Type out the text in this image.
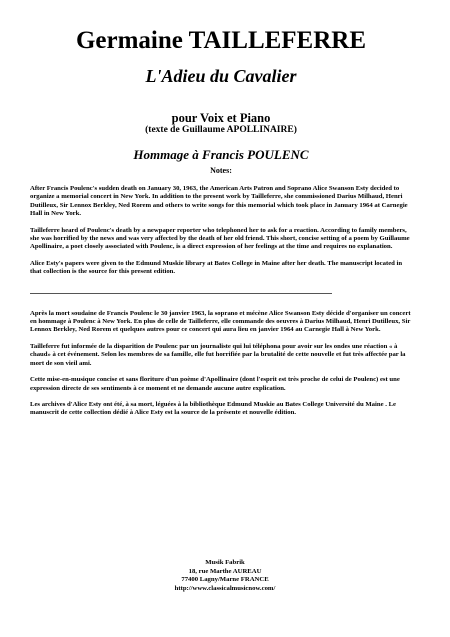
Germaine TAILLEFERRE
L'Adieu du Cavalier

pour Voix et Piano

(texte de Guillaume APOLLINAIRE)

Hommage à Francis POULENC

Notes:

After Francis Poulenc's sudden death on January 30, 1963, the American Arts Patron and Soprano Alice Swanson Esty decided to organize a memorial concert in New York. In addition to the present work by Tailleferre, she commissioned Darius Milhaud, Henri Dutilleux, Sir Lennox Berkley, Ned Rorem and others to write songs for this memorial which took place in January 1964 at Carnegie Hall in New York.

Tailleferre heard of Poulenc's death by a newpaper reporter who telephoned her to ask for a reaction. According to family members, she was horrified by the news and was very affected by the death of her old friend. This short, concise setting of a poem by Guillaume Apollinaire, a poet closely associated with Poulenc, is a direct expression of her feelings at the time and requires no explanation.

Alice Esty's papers were given to the Edmund Muskie library at Bates College in Maine after her death. The manuscript located in that collection is the source for this present edition.

Après la mort soudaine de Francis Poulenc le 30 janvier 1963, la soprano et mécène Alice Swanson Esty décide d'organiser un concert en hommage à Poulenc à New York. En plus de celle de Tailleferre, elle commande des oeuvres à Darius Milhaud, Henri Dutilleux, Sir Lennox Berkley, Ned Rorem et quelques autres pour ce concert qui aura lieu en janvier 1964 au Carnegie Hall à New York.

Tailleferre fut informée de la disparition de Poulenc par un journaliste qui lui téléphona pour avoir sur les ondes une réaction « à chaud» à cet événement. Selon les membres de sa famille, elle fut horrifiée par la brutalité de cette nouvelle et fut très affectée par la mort de son vieil ami.

Cette mise-en-musique concise et sans floriture d'un poème d'Apollinaire (dont l'esprit est très proche de celui de Poulenc) est une expression directe de ses sentiments à ce moment et ne demande aucune autre explication.

Les archives d'Alice Esty ont été, à sa mort, léguées à la bibliothèque Edmund Muskie au Bates College Université du Maine . Le manuscrit de cette collection dédié à Alice Esty est la source de la présente et nouvelle édition.

Musik Fabrik
18, rue Marthe AUREAU
77400 Lagny/Marne FRANCE
http://www.classicalmusicnow.com/
